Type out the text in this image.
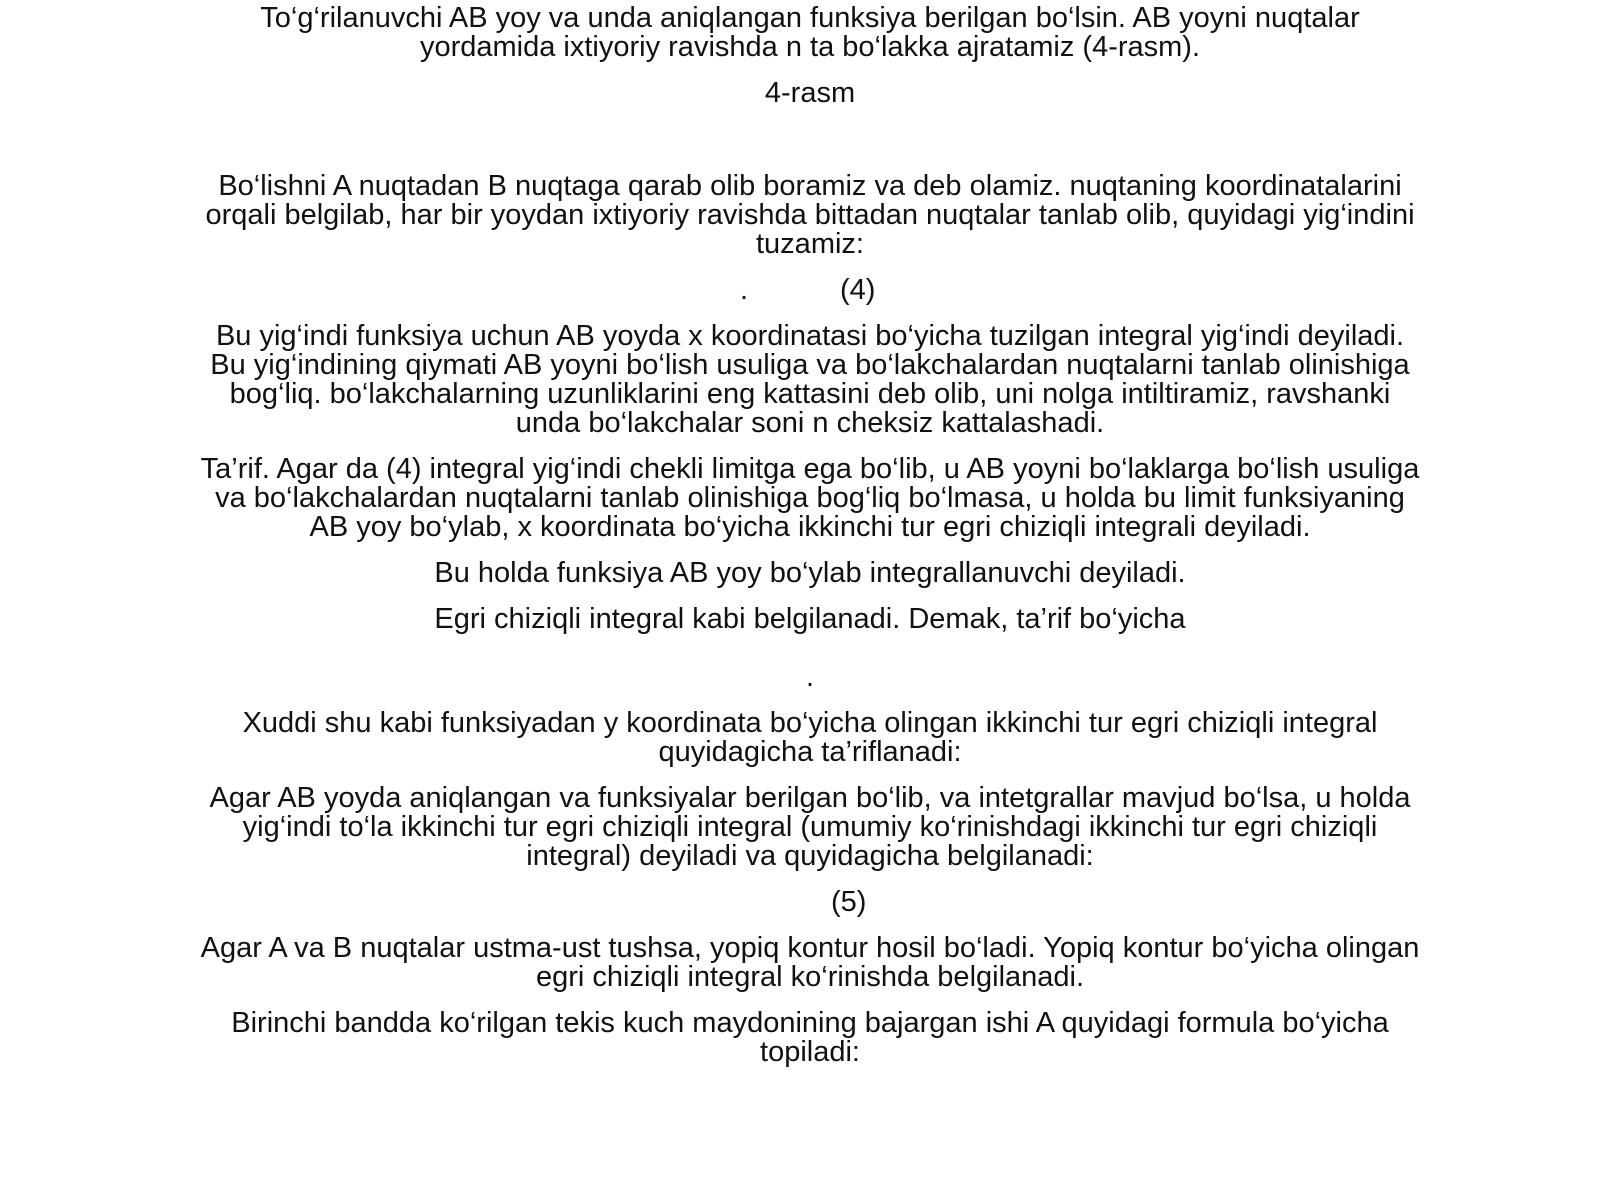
To‘g‘rilanuvchi AB yoy va unda aniqlangan funksiya berilgan bo‘lsin. AB yoyni nuqtalar yordamida ixtiyoriy ravishda n ta bo‘lakka ajratamiz (4-rasm).

4-rasm

Bo‘lishni A nuqtadan B nuqtaga qarab olib boramiz va deb olamiz. nuqtaning koordinatalarini orqali belgilab, har bir yoydan ixtiyoriy ravishda bittadan nuqtalar tanlab olib, quyidagi yig‘indini tuzamiz:

.	(4)

Bu yig‘indi funksiya uchun AB yoyda x koordinatasi bo‘yicha tuzilgan integral yig‘indi deyiladi. Bu yig‘indining qiymati AB yoyni bo‘lish usuliga va bo‘lakchalardan nuqtalarni tanlab olinishiga bog‘liq. bo‘lakchalarning uzunliklarini eng kattasini deb olib, uni nolga intiltiramiz, ravshanki unda bo‘lakchalar soni n cheksiz kattalashadi.

Ta’rif. Agar da (4) integral yig‘indi chekli limitga ega bo‘lib, u AB yoyni bo‘laklarga bo‘lish usuliga va bo‘lakchalardan nuqtalarni tanlab olinishiga bog‘liq bo‘lmasa, u holda bu limit funksiyaning AB yoy bo‘ylab, x koordinata bo‘yicha ikkinchi tur egri chiziqli integrali deyiladi.

Bu holda funksiya AB yoy bo‘ylab integrallanuvchi deyiladi.

Egri chiziqli integral kabi belgilanadi. Demak, ta’rif bo‘yicha

.

Xuddi shu kabi funksiyadan y koordinata bo‘yicha olingan ikkinchi tur egri chiziqli integral quyidagicha ta’riflanadi:

Agar AB yoyda aniqlangan va funksiyalar berilgan bo‘lib, va intetgrallar mavjud bo‘lsa, u holda yig‘indi to‘la ikkinchi tur egri chiziqli integral (umumiy ko‘rinishdagi ikkinchi tur egri chiziqli integral) deyiladi va quyidagicha belgilanadi:

(5)

Agar A va B nuqtalar ustma-ust tushsa, yopiq kontur hosil bo‘ladi. Yopiq kontur bo‘yicha olingan egri chiziqli integral ko‘rinishda belgilanadi.

Birinchi bandda ko‘rilgan tekis kuch maydonining bajargan ishi A quyidagi formula bo‘yicha topiladi:
